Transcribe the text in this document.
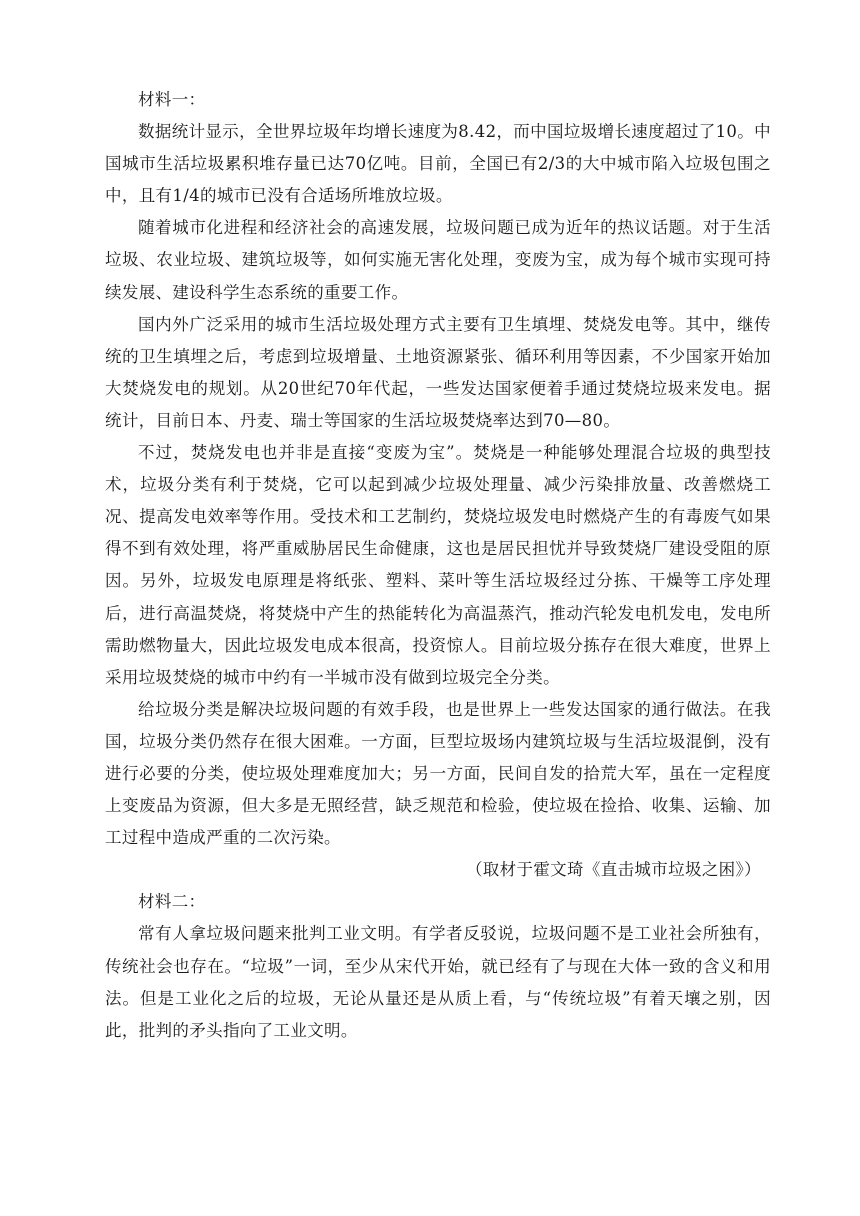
材料一：

数据统计显示，全世界垃圾年均增长速度为8.42，而中国垃圾增长速度超过了10。中国城市生活垃圾累积堆存量已达70亿吨。目前，全国已有2/3的大中城市陷入垃圾包围之中，且有1/4的城市已没有合适场所堆放垃圾。

随着城市化进程和经济社会的高速发展，垃圾问题已成为近年的热议话题。对于生活垃圾、农业垃圾、建筑垃圾等，如何实施无害化处理，变废为宝，成为每个城市实现可持续发展、建设科学生态系统的重要工作。

国内外广泛采用的城市生活垃圾处理方式主要有卫生填埋、焚烧发电等。其中，继传统的卫生填埋之后，考虑到垃圾增量、土地资源紧张、循环利用等因素，不少国家开始加大焚烧发电的规划。从20世纪70年代起，一些发达国家便着手通过焚烧垃圾来发电。据统计，目前日本、丹麦、瑞士等国家的生活垃圾焚烧率达到70—80。

不过，焚烧发电也并非是直接“变废为宝”。焚烧是一种能够处理混合垃圾的典型技术，垃圾分类有利于焚烧，它可以起到减少垃圾处理量、减少污染排放量、改善燃烧工况、提高发电效率等作用。受技术和工艺制约，焚烧垃圾发电时燃烧产生的有毒废气如果得不到有效处理，将严重威胁居民生命健康，这也是居民担忧并导致焚烧厂建设受阻的原因。另外，垃圾发电原理是将纸张、塑料、菜叶等生活垃圾经过分拣、干燥等工序处理后，进行高温焚烧，将焚烧中产生的热能转化为高温蒸汽，推动汽轮发电机发电，发电所需助燃物量大，因此垃圾发电成本很高，投资惊人。目前垃圾分拣存在很大难度，世界上采用垃圾焚烧的城市中约有一半城市没有做到垃圾完全分类。

给垃圾分类是解决垃圾问题的有效手段，也是世界上一些发达国家的通行做法。在我国，垃圾分类仍然存在很大困难。一方面，巨型垃圾场内建筑垃圾与生活垃圾混倒，没有进行必要的分类，使垃圾处理难度加大；另一方面，民间自发的拾荒大军，虽在一定程度上变废品为资源，但大多是无照经营，缺乏规范和检验，使垃圾在捡拾、收集、运输、加工过程中造成严重的二次污染。

（取材于霍文琦《直击城市垃圾之困》）

材料二：

常有人拿垃圾问题来批判工业文明。有学者反驳说，垃圾问题不是工业社会所独有，传统社会也存在。“垃圾”一词，至少从宋代开始，就已经有了与现在大体一致的含义和用法。但是工业化之后的垃圾，无论从量还是从质上看，与“传统垃圾”有着天壤之别，因此，批判的矛头指向了工业文明。
